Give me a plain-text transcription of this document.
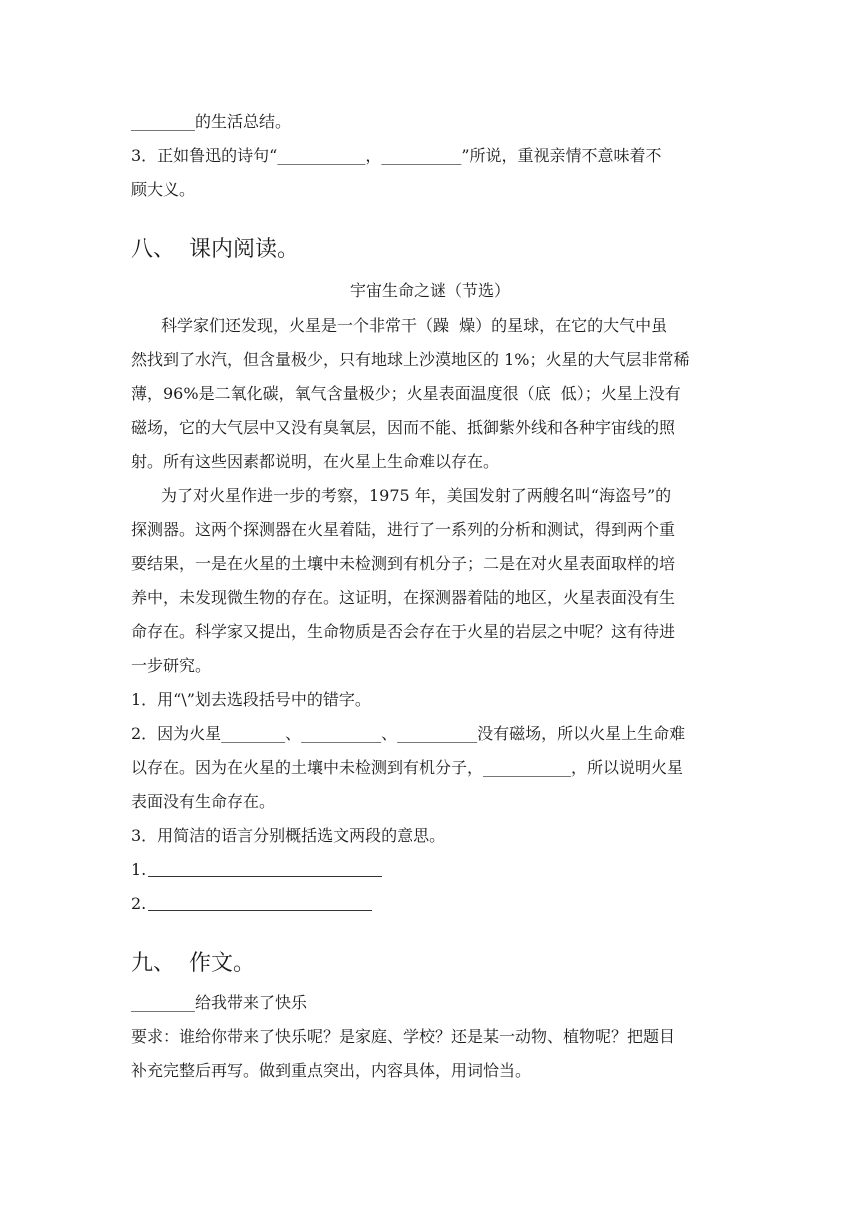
________的生活总结。
3．正如鲁迅的诗句“___________，__________”所说，重视亲情不意味着不
顾大义。
八、  课内阅读。
宇宙生命之谜（节选）
科学家们还发现，火星是一个非常干（躁  燥）的星球，在它的大气中虽
然找到了水汽，但含量极少，只有地球上沙漠地区的 1%；火星的大气层非常稀
薄，96%是二氧化碳，氧气含量极少；火星表面温度很（底  低）；火星上没有
磁场，它的大气层中又没有臭氧层，因而不能、抵御紫外线和各种宇宙线的照
射。所有这些因素都说明，在火星上生命难以存在。
为了对火星作进一步的考察，1975 年，美国发射了两艘名叫“海盗号”的
探测器。这两个探测器在火星着陆，进行了一系列的分析和测试，得到两个重
要结果，一是在火星的土壤中未检测到有机分子；二是在对火星表面取样的培
养中，未发现微生物的存在。这证明，在探测器着陆的地区，火星表面没有生
命存在。科学家又提出，生命物质是否会存在于火星的岩层之中呢？这有待进
一步研究。
1．用“\”划去选段括号中的错字。
2．因为火星________、__________、__________没有磁场，所以火星上生命难
以存在。因为在火星的土壤中未检测到有机分子，___________，所以说明火星
表面没有生命存在。
3．用简洁的语言分别概括选文两段的意思。
1.
2.
九、  作文。
________给我带来了快乐
要求：谁给你带来了快乐呢？是家庭、学校？还是某一动物、植物呢？把题目
补充完整后再写。做到重点突出，内容具体，用词恰当。
